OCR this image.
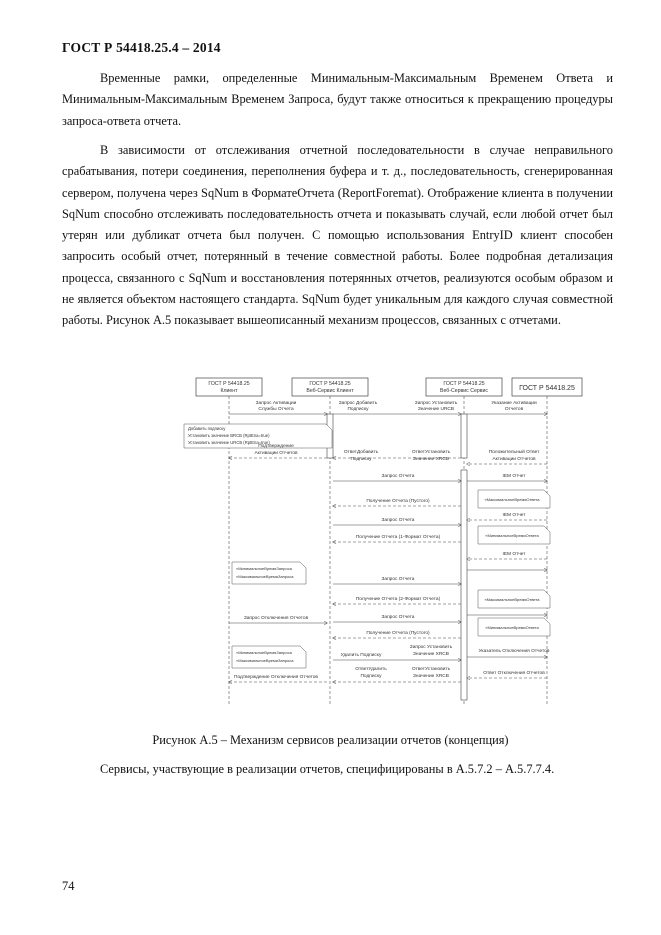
ГОСТ Р 54418.25.4 – 2014

Временные рамки, определенные Минимальным-Максимальным Временем Ответа и Минимальным-Максимальным Временем Запроса, будут также относиться к прекращению процедуры запроса-ответа отчета.

В зависимости от отслеживания отчетной последовательности в случае неправильного срабатывания, потери соединения, переполнения буфера и т. д., последовательность, сгенерированная сервером, получена через SqNum в ФорматеОтчета (ReportForemat). Отображение клиента в получении SqNum способно отслеживать последовательность отчета и показывать случай, если любой отчет был утерян или дубликат отчета был получен. С помощью использования EntryID клиент способен запросить особый отчет, потерянный в течение совместной работы. Более подробная детализация процесса, связанного с SqNum и восстановления потерянных отчетов, реализуются особым образом и не является объектом настоящего стандарта. SqNum будет уникальным для каждого случая совместной работы. Рисунок А.5 показывает вышеописанный механизм процессов, связанных с отчетами.

ГОСТ Р 54418.25
Клиент
ГОСТ Р 54418.25
Веб-Сервис Клиент
ГОСТ Р 54418.25
Веб-Сервис Сервис	ГОСТ Р 54418.25
Запрос Активации
Службы Отчета
Запрос Добавить
Подписку
Запрос Установить
Значение URCB
Указание Активации
Отчетов
Добавить подписку
Установить значение BRCB (RptEna=true)
Установить значение URCB (RptEna=true)
Подтверждение
Активации Отчетов	ОтветДобавить
Подписку
ОтветУстановить
Значение XRCB
Положительный Ответ
Активации Отчетов
Запрос Отчета	IEM Отчет
Получение Отчета (Пустого)	«МаксимальноеВремяОтвета
IEM Отчет
Запрос Отчета
Получение Отчета (1-Формат Отчета)	«МинимальноеВремяОтвета
IEM Отчет
«МинимальноеВремяЗапроса
«МаксимальноеВремяЗапроса
Запрос Отчета
Получение Отчета (2-Формат Отчета)	«МаксимальноеВремяОтвета
Запрос Отключения Отчетов	Запрос Отчета
Получение Отчета (Пустого)
«МинимальноеВремяОтвета
«МинимальноеВремяЗапроса
«МаксимальноеВремяЗапроса
Удалить Подписку
Запрос Установить
Значение XRCB
Указатель Отключения Отчетов
Подтверждение Отключения Отчетов
ОтветУдалить
Подписку
ОтветУстановить
Значение XRCB
Ответ Отключения Отчетов
Рисунок А.5 – Механизм сервисов реализации отчетов (концепция)
Сервисы, участвующие в реализации отчетов, специфицированы в А.5.7.2 – А.5.7.7.4.
74
